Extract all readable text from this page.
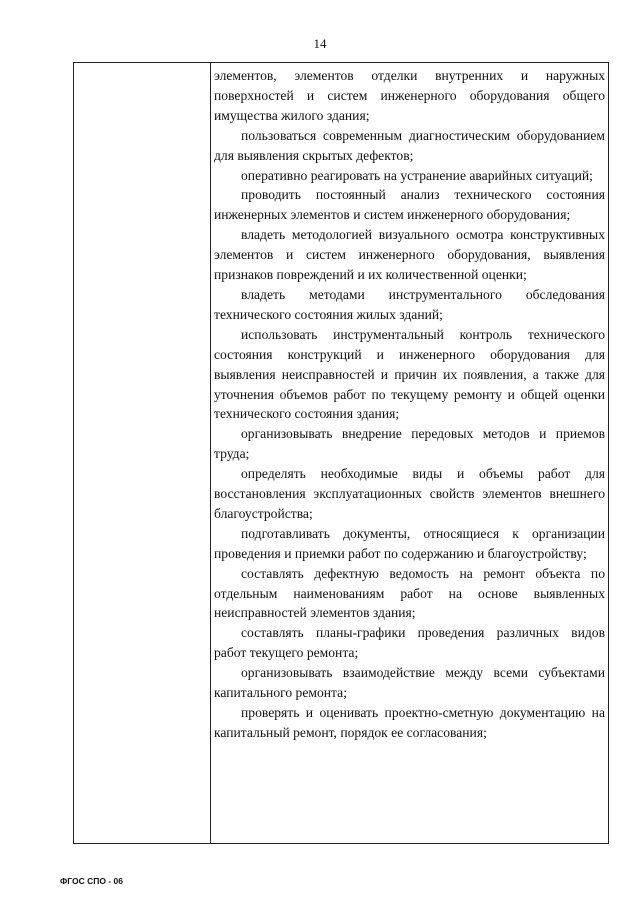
14

элементов, элементов отделки внутренних и наружных поверхностей и систем инженерного оборудования общего имущества жилого здания;

пользоваться современным диагностическим оборудованием для выявления скрытых дефектов;

оперативно реагировать на устранение аварийных ситуаций;

проводить постоянный анализ технического состояния инженерных элементов и систем инженерного оборудования;

владеть методологией визуального осмотра конструктивных элементов и систем инженерного оборудования, выявления признаков повреждений и их количественной оценки;

владеть методами инструментального обследования технического состояния жилых зданий;

использовать инструментальный контроль технического состояния конструкций и инженерного оборудования для выявления неисправностей и причин их появления, а также для уточнения объемов работ по текущему ремонту и общей оценки технического состояния здания;

организовывать внедрение передовых методов и приемов труда;

определять необходимые виды и объемы работ для восстановления эксплуатационных свойств элементов внешнего благоустройства;

подготавливать документы, относящиеся к организации проведения и приемки работ по содержанию и благоустройству;

составлять дефектную ведомость на ремонт объекта по отдельным наименованиям работ на основе выявленных неисправностей элементов здания;

составлять планы-графики проведения различных видов работ текущего ремонта;

организовывать взаимодействие между всеми субъектами капитального ремонта;

проверять и оценивать проектно-сметную документацию на капитальный ремонт, порядок ее согласования;

ФГОС СПО - 06
